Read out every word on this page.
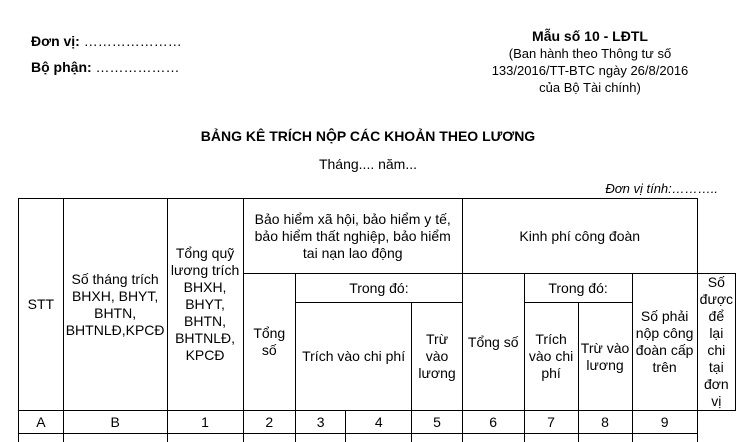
Đơn vị: …………………
Bộ phận: ………………
Mẫu số 10 - LĐTL
(Ban hành theo Thông tư số
133/2016/TT-BTC ngày 26/8/2016
của Bộ Tài chính)
BẢNG KÊ TRÍCH NỘP CÁC KHOẢN THEO LƯƠNG
Tháng.... năm...
Đơn vị tính:………..
STT	Số tháng trích BHXH, BHYT, BHTN, BHTNLĐ,KPCĐ	Tổng quỹ lương trích BHXH, BHYT, BHTN, BHTNLĐ, KPCĐ	Bảo hiểm xã hội, bảo hiểm y tế, bảo hiểm thất nghiệp, bảo hiểm tai nạn lao động				Kinh phí công đoàn				
			Tổng số	Trong đó:			Tổng số	Trong đó:		Số phải nộp công đoàn cấp trên	Số được để lại chi tại đơn vị
				Trích vào chi phí		Trừ vào lương		Trích vào chi phí	Trừ vào lương		
A	B	1	2	3	4	5	6	7	8	9	
